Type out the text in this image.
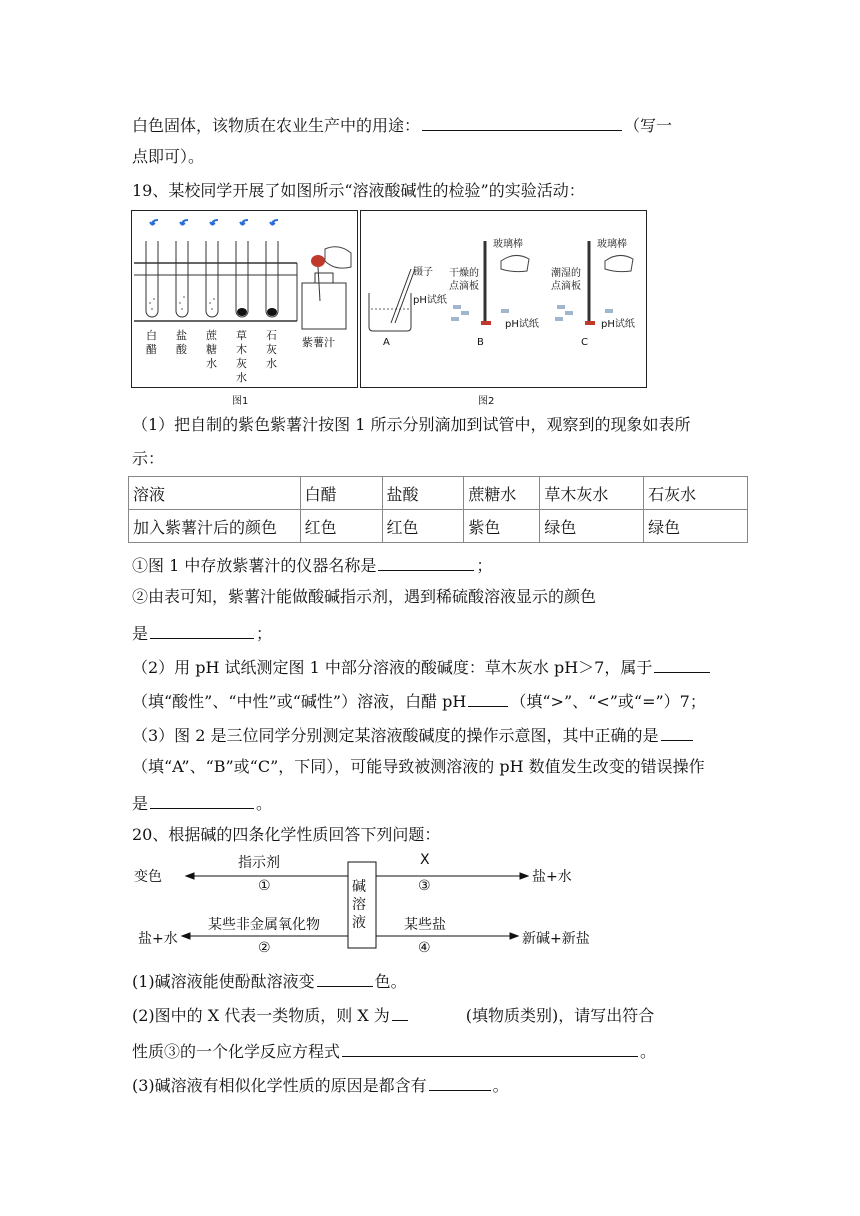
白色固体，该物质在农业生产中的用途：	（写一
点即可）。
19、某校同学开展了如图所示“溶液酸碱性的检验”的实验活动：
白醋
盐酸
蔗糖水
草木灰水
石灰水
紫薯汁
图1
镊子
pH试纸
玻璃棒
干燥的点滴板
pH试纸
玻璃棒
潮湿的点滴板
pH试纸
A	B	C
图2
（1）把自制的紫色紫薯汁按图 1 所示分别滴加到试管中，观察到的现象如表所
示：
溶液	白醋	盐酸	蔗糖水	草木灰水	石灰水
加入紫薯汁后的颜色	红色	红色	紫色	绿色	绿色
①图 1 中存放紫薯汁的仪器名称是	；
②由表可知，紫薯汁能做酸碱指示剂，遇到稀硫酸溶液显示的颜色
是	；
（2）用 pH 试纸测定图 1 中部分溶液的酸碱度：草木灰水 pH＞7，属于
（填“酸性”、“中性”或“碱性”）溶液，白醋 pH	（填“>”、“<”或“=”）7；
（3）图 2 是三位同学分别测定某溶液酸碱度的操作示意图，其中正确的是
（填“A”、“B”或“C”，下同），可能导致被测溶液的 pH 数值发生改变的错误操作
是	。
20、根据碱的四条化学性质回答下列问题：
碱溶液
变色
指示剂
①
X
③
盐+水
盐+水
某些非金属氧化物
②
某些盐
④
新碱+新盐
(1)碱溶液能使酚酞溶液变	色。
(2)图中的 X 代表一类物质，则 X 为	(填物质类别)，请写出符合
性质③的一个化学反应方程式	。
(3)碱溶液有相似化学性质的原因是都含有	。
